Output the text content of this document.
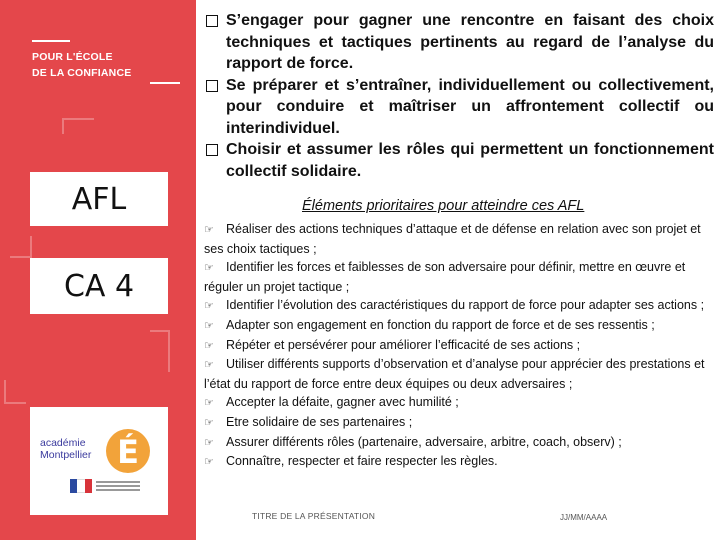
POUR L'ÉCOLE
DE LA CONFIANCE
AFL
CA 4
académie
Montpellier É
S’engager pour gagner une rencontre en faisant des choix techniques et tactiques pertinents au regard de l’analyse du rapport de force.
Se préparer et s’entraîner, individuellement ou collectivement, pour conduire et maîtriser un affrontement collectif ou interindividuel.
Choisir et assumer les rôles qui permettent un fonctionnement collectif solidaire.
Éléments prioritaires pour atteindre ces AFL
☞ Réaliser des actions techniques d’attaque et de défense en relation avec son projet et ses choix tactiques ;
☞ Identifier les forces et faiblesses de son adversaire pour définir, mettre en œuvre et réguler un projet tactique ;
☞ Identifier l’évolution des caractéristiques du rapport de force pour adapter ses actions ;
☞ Adapter son engagement en fonction du rapport de force et de ses ressentis ;
☞ Répéter et persévérer pour améliorer l’efficacité de ses actions ;
☞ Utiliser différents supports d’observation et d’analyse pour apprécier des prestations et l’état du rapport de force entre deux équipes ou deux adversaires ;
☞ Accepter la défaite, gagner avec humilité ;
☞ Etre solidaire de ses partenaires ;
☞ Assurer différents rôles (partenaire, adversaire, arbitre, coach, observ) ;
☞ Connaître, respecter et faire respecter les règles.
TITRE DE LA PRÉSENTATION	JJ/MM/AAAA
